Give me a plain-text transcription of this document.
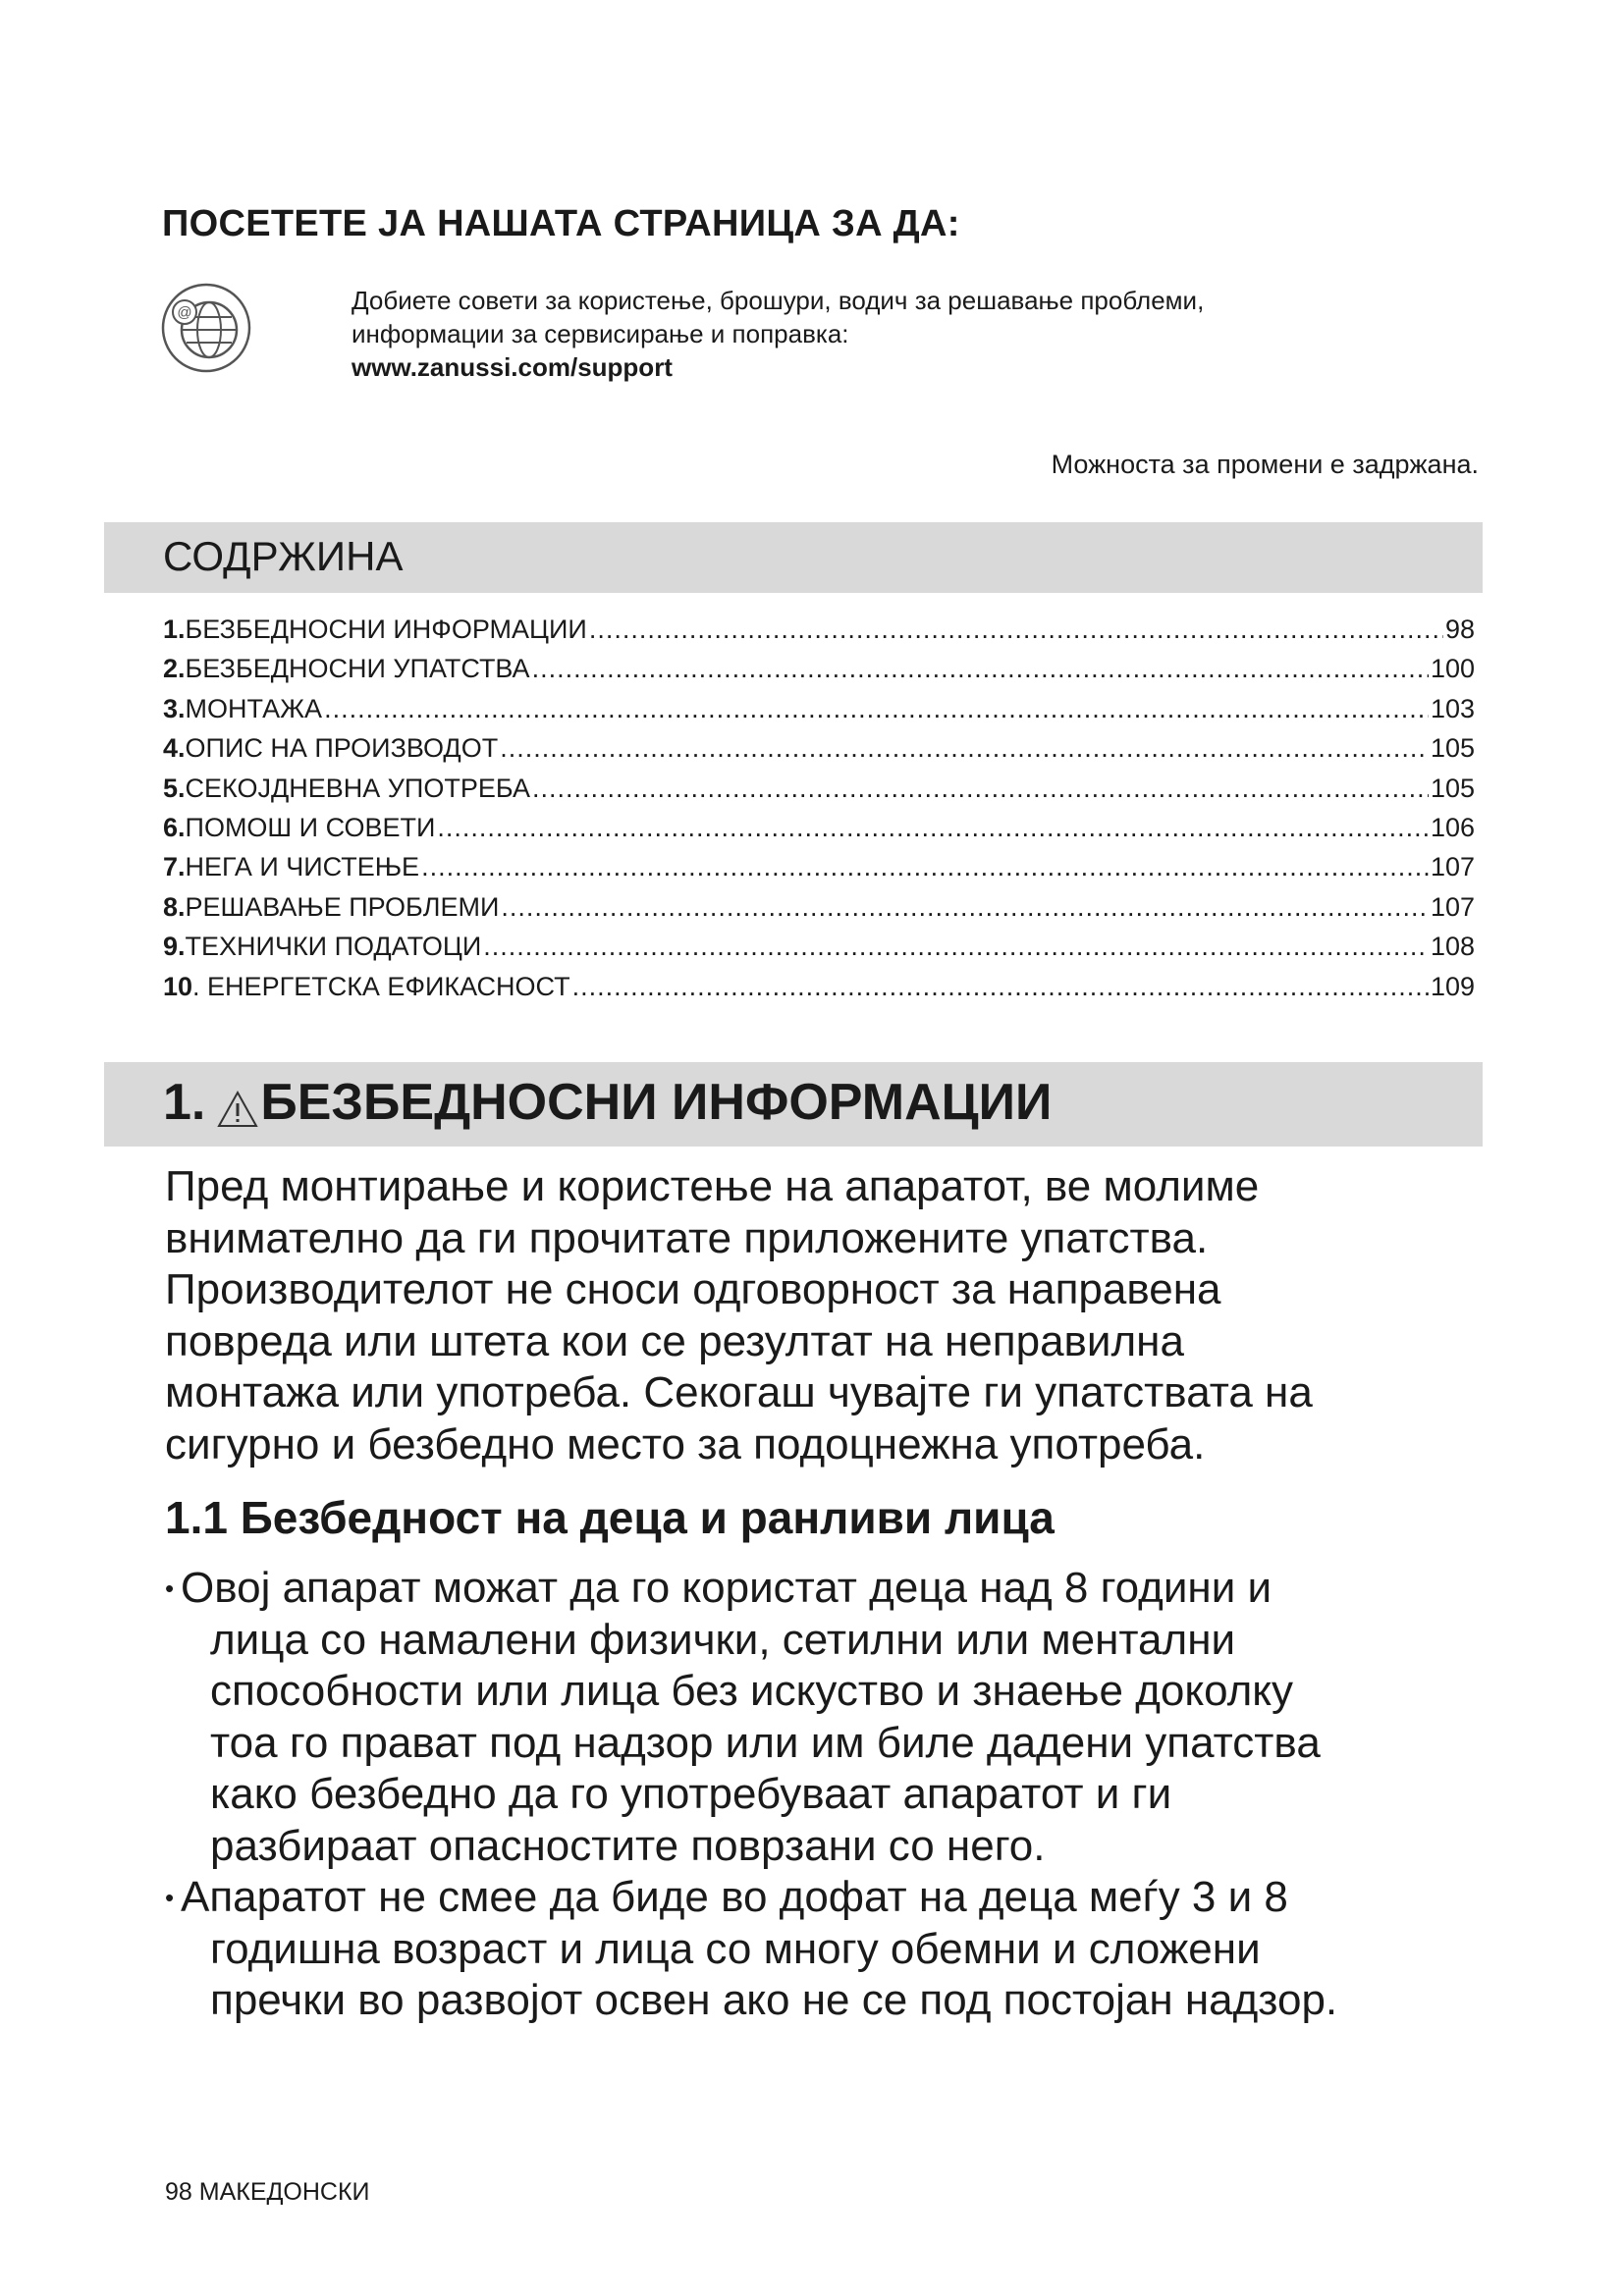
ПОСЕТЕТЕ ЈА НАШАТА СТРАНИЦА ЗА ДА:
@	Добиете совети за користење, брошури, водич за решавање проблеми,
информации за сервисирање и поправка:
www.zanussi.com/support
Можноста за промени е задржана.
СОДРЖИНА
1. БЕЗБЕДНОСНИ ИНФОРМАЦИИ .....	98
2. БЕЗБЕДНОСНИ УПАТСТВА .....	100
3. МОНТАЖА .....	103
4. ОПИС НА ПРОИЗВОДОТ .....	105
5. СЕКОЈДНЕВНА УПОТРЕБА .....	105
6. ПОМОШ И СОВЕТИ .....	106
7. НЕГА И ЧИСТЕЊЕ .....	107
8. РЕШАВАЊЕ ПРОБЛЕМИ .....	107
9. ТЕХНИЧКИ ПОДАТОЦИ .....	108
10 . ЕНЕРГЕТСКА ЕФИКАСНОСТ .....	109
1. БЕЗБЕДНОСНИ ИНФОРМАЦИИ
Пред монтирање и користење на апаратот, ве молиме
внимателно да ги прочитате приложените упатства.
Производителот не сноси одговорност за направена
повреда или штета кои се резултат на неправилна
монтажа или употреба. Секогаш чувајте ги упатствата на
сигурно и безбедно место за подоцнежна употреба.
1.1 Безбедност на деца и ранливи лица
• Овој апарат можат да го користат деца над 8 години и
лица со намалени физички, сетилни или ментални
способности или лица без искуство и знаење доколку
тоа го прават под надзор или им биле дадени упатства
како безбедно да го употребуваат апаратот и ги
разбираат опасностите поврзани со него.
• Апаратот не смее да биде во дофат на деца меѓу 3 и 8
годишна возраст и лица со многу обемни и сложени
пречки во развојот освен ако не се под постојан надзор.
98 МАКЕДОНСКИ
